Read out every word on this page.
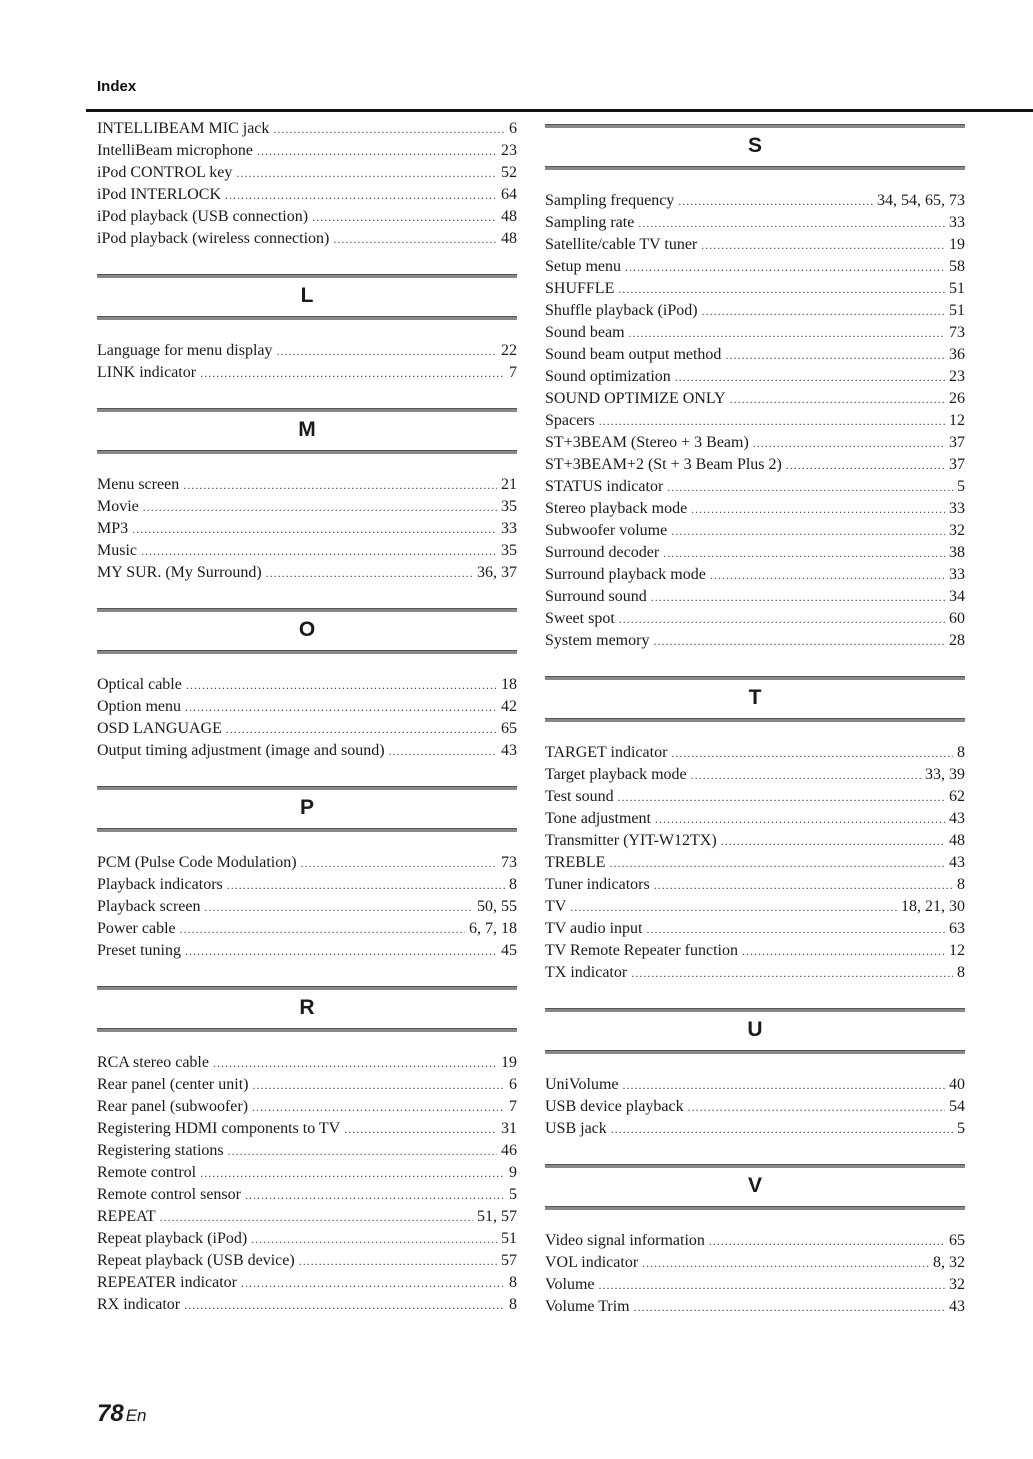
Index
INTELLIBEAM MIC jack .....	6
IntelliBeam microphone .....	23
iPod CONTROL key .....	52
iPod INTERLOCK .....	64
iPod playback (USB connection) .....	48
iPod playback (wireless connection) .....	48
L
Language for menu display .....	22
LINK indicator .....	7
M
Menu screen .....	21
Movie .....	35
MP3 .....	33
Music .....	35
MY SUR. (My Surround) .....	36, 37
O
Optical cable .....	18
Option menu .....	42
OSD LANGUAGE .....	65
Output timing adjustment (image and sound) .....	43
P
PCM (Pulse Code Modulation) .....	73
Playback indicators .....	8
Playback screen .....	50, 55
Power cable .....	6, 7, 18
Preset tuning .....	45
R
RCA stereo cable .....	19
Rear panel (center unit) .....	6
Rear panel (subwoofer) .....	7
Registering HDMI components to TV .....	31
Registering stations .....	46
Remote control .....	9
Remote control sensor .....	5
REPEAT .....	51, 57
Repeat playback (iPod) .....	51
Repeat playback (USB device) .....	57
REPEATER indicator .....	8
RX indicator .....	8
S
Sampling frequency .....	34, 54, 65, 73
Sampling rate .....	33
Satellite/cable TV tuner .....	19
Setup menu .....	58
SHUFFLE .....	51
Shuffle playback (iPod) .....	51
Sound beam .....	73
Sound beam output method .....	36
Sound optimization .....	23
SOUND OPTIMIZE ONLY .....	26
Spacers .....	12
ST+3BEAM (Stereo + 3 Beam) .....	37
ST+3BEAM+2 (St + 3 Beam Plus 2) .....	37
STATUS indicator .....	5
Stereo playback mode .....	33
Subwoofer volume .....	32
Surround decoder .....	38
Surround playback mode .....	33
Surround sound .....	34
Sweet spot .....	60
System memory .....	28
T
TARGET indicator .....	8
Target playback mode .....	33, 39
Test sound .....	62
Tone adjustment .....	43
Transmitter (YIT-W12TX) .....	48
TREBLE .....	43
Tuner indicators .....	8
TV .....	18, 21, 30
TV audio input .....	63
TV Remote Repeater function .....	12
TX indicator .....	8
U
UniVolume .....	40
USB device playback .....	54
USB jack .....	5
V
Video signal information .....	65
VOL indicator .....	8, 32
Volume .....	32
Volume Trim .....	43
78 En
